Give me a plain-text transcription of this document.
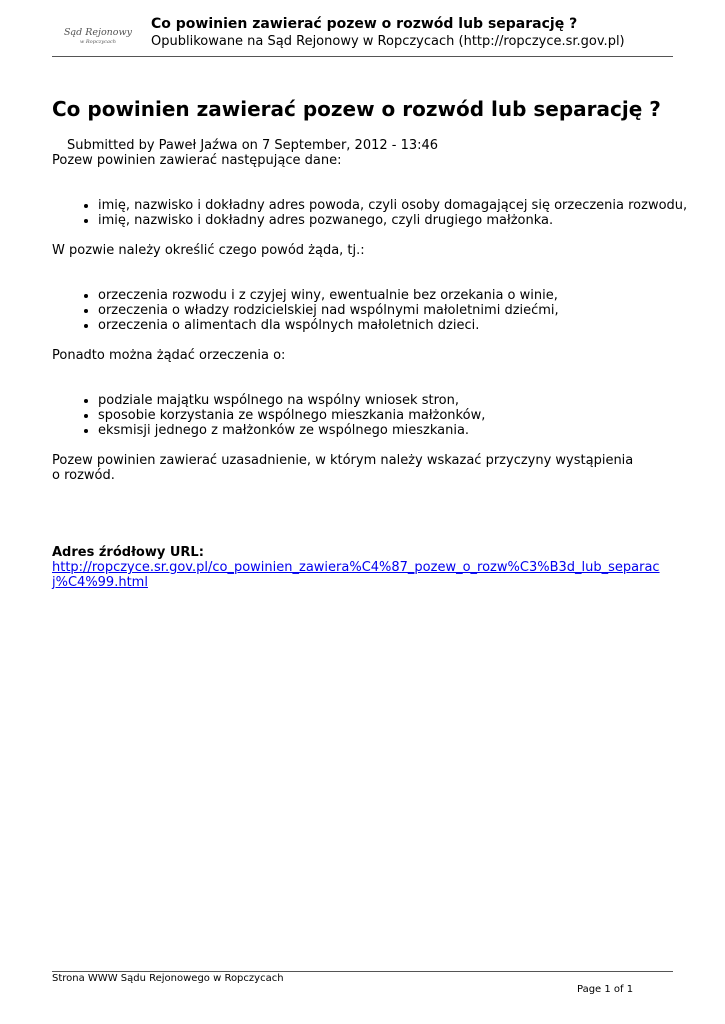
Sąd Rejonowy
w Ropczycach
Co powinien zawierać pozew o rozwód lub separację ?
Opublikowane na Sąd Rejonowy w Ropczycach (http://ropczyce.sr.gov.pl)
Co powinien zawierać pozew o rozwód lub separację ?
Submitted by Paweł Jaźwa on 7 September, 2012 - 13:46

Pozew powinien zawierać następujące dane:

• imię, nazwisko i dokładny adres powoda, czyli osoby domagającej się orzeczenia rozwodu,
• imię, nazwisko i dokładny adres pozwanego, czyli drugiego małżonka.

W pozwie należy określić czego powód żąda, tj.:

• orzeczenia rozwodu i z czyjej winy, ewentualnie bez orzekania o winie,
• orzeczenia o władzy rodzicielskiej nad wspólnymi małoletnimi dziećmi,
• orzeczenia o alimentach dla wspólnych małoletnich dzieci.

Ponadto można żądać orzeczenia o:

• podziale majątku wspólnego na wspólny wniosek stron,
• sposobie korzystania ze wspólnego mieszkania małżonków,
• eksmisji jednego z małżonków ze wspólnego mieszkania.

Pozew powinien zawierać uzasadnienie, w którym należy wskazać przyczyny wystąpienia
o rozwód.

Adres źródłowy URL:

http://ropczyce.sr.gov.pl/co_powinien_zawiera%C4%87_pozew_o_rozw%C3%B3d_lub_separacj%C4%99.html
Strona WWW Sądu Rejonowego w Ropczycach
Page 1 of 1
